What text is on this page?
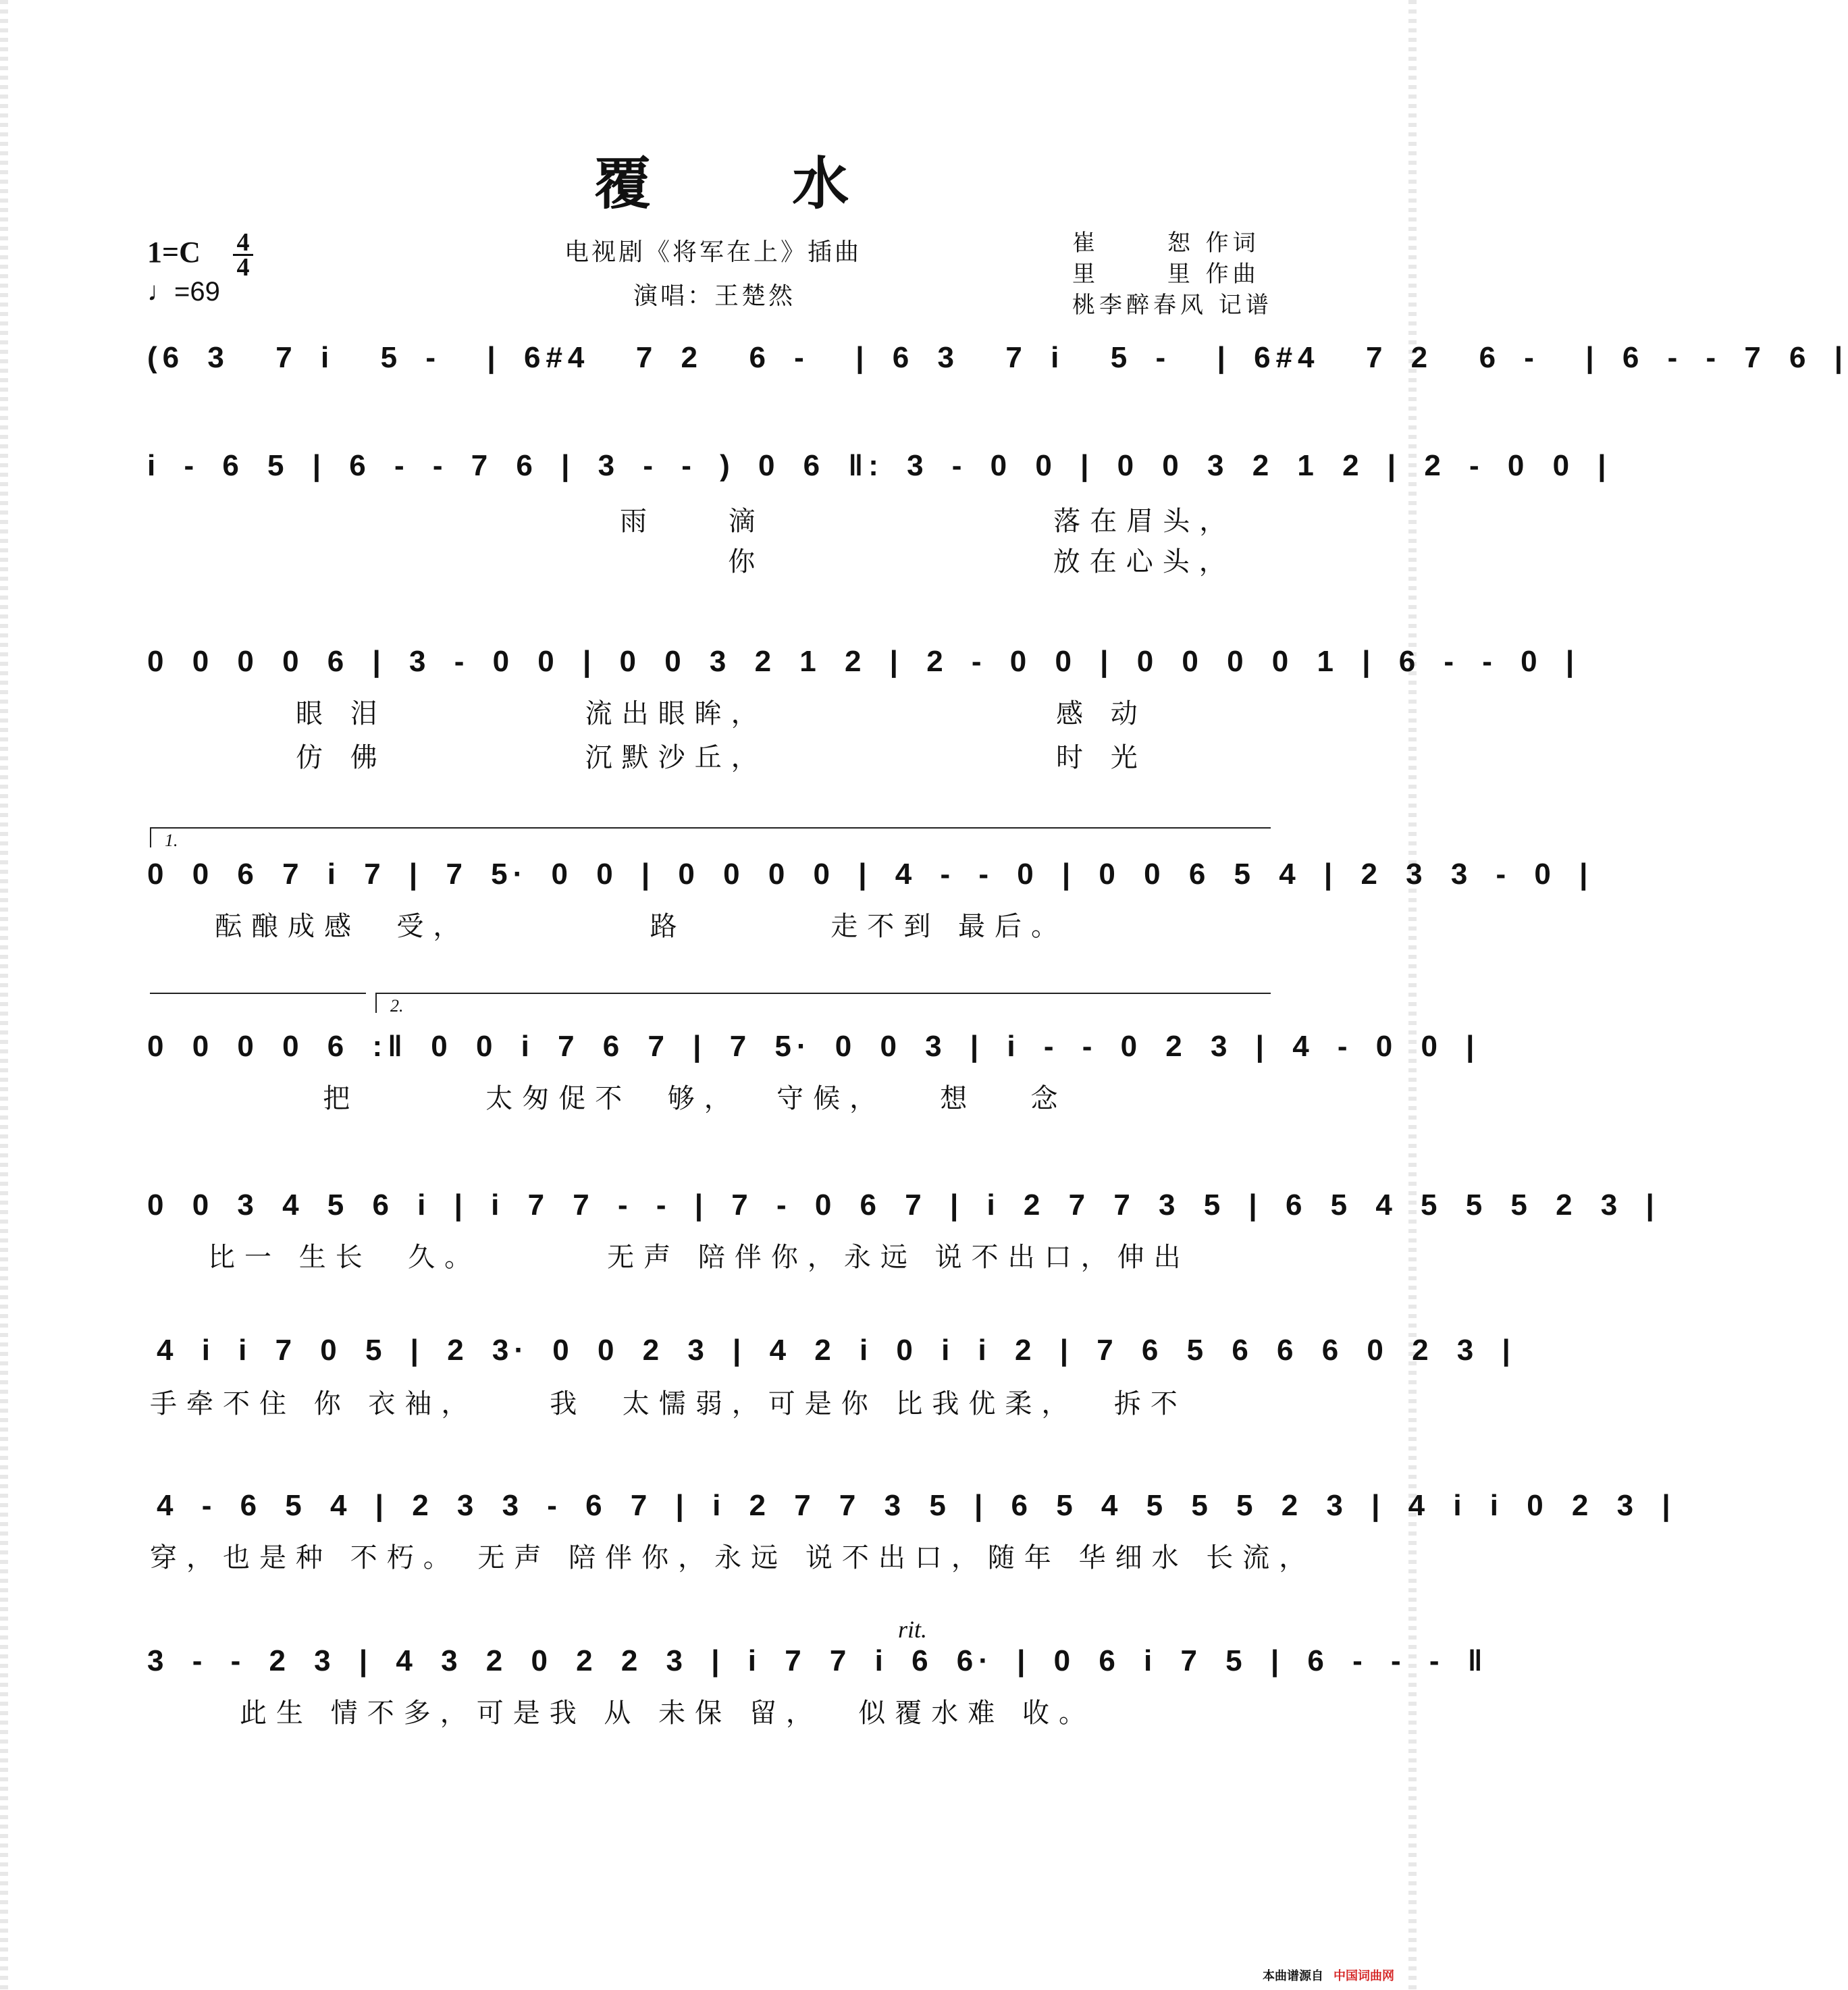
覆 水
电视剧《将军在上》插曲
演唱：王楚然
1=C 4
4
♩=69
崔      恕 作词
里      里 作曲
桃李醉春风 记谱
(6 3  7 i  5 -  | 6#4  7 2  6 -  | 6 3  7 i  5 -  | 6#4  7 2  6 -  | 6 - - 7 6 |
i - 6 5 | 6 - - 7 6 | 3 - - ) 0 6 ‖: 3 - 0 0 | 0 0 3 2 1 2 | 2 - 0 0 |
雨    滴                落在眉头，
你                放在心头，
0 0 0 0 6 | 3 - 0 0 | 0 0 3 2 1 2 | 2 - 0 0 | 0 0 0 0 1 | 6 - - 0 |
眼 泪           流出眼眸，                感 动
仿 佛           沉默沙丘，                时 光
1.
0 0 6 7 i 7 | 7 5· 0 0 | 0 0 0 0 | 4 - - 0 | 0 0 6 5 4 | 2 3 3 - 0 |
酝酿成感  受，          路        走不到 最后。
2.
0 0 0 0 6 :‖ 0 0 i 7 6 7 | 7 5· 0 0 3 | i - - 0 2 3 | 4 - 0 0 |
把       太匆促不  够，  守候，   想   念
0 0 3 4 5 6 i | i 7 7 - - | 7 - 0 6 7 | i 2 7 7 3 5 | 6 5 4 5 5 5 2 3 |
比一 生长  久。       无声 陪伴你，永远 说不出口，伸出
4 i i 7 0 5 | 2 3· 0 0 2 3 | 4 2 i 0 i i 2 | 7 6 5 6 6 6 0 2 3 |
手牵不住 你 衣袖，    我  太懦弱，可是你 比我优柔，  拆不
4 - 6 5 4 | 2 3 3 - 6 7 | i 2 7 7 3 5 | 6 5 4 5 5 5 2 3 | 4 i i 0 2 3 |
穿，也是种 不朽。 无声 陪伴你，永远 说不出口，随年 华细水 长流，
rit.
3 - - 2 3 | 4 3 2 0 2 2 3 | i 7 7 i 6 6· | 0 6 i 7 5 | 6 - - - ‖
此生 情不多，可是我 从 未保 留，  似覆水难 收。
本曲谱源自 中国词曲网
